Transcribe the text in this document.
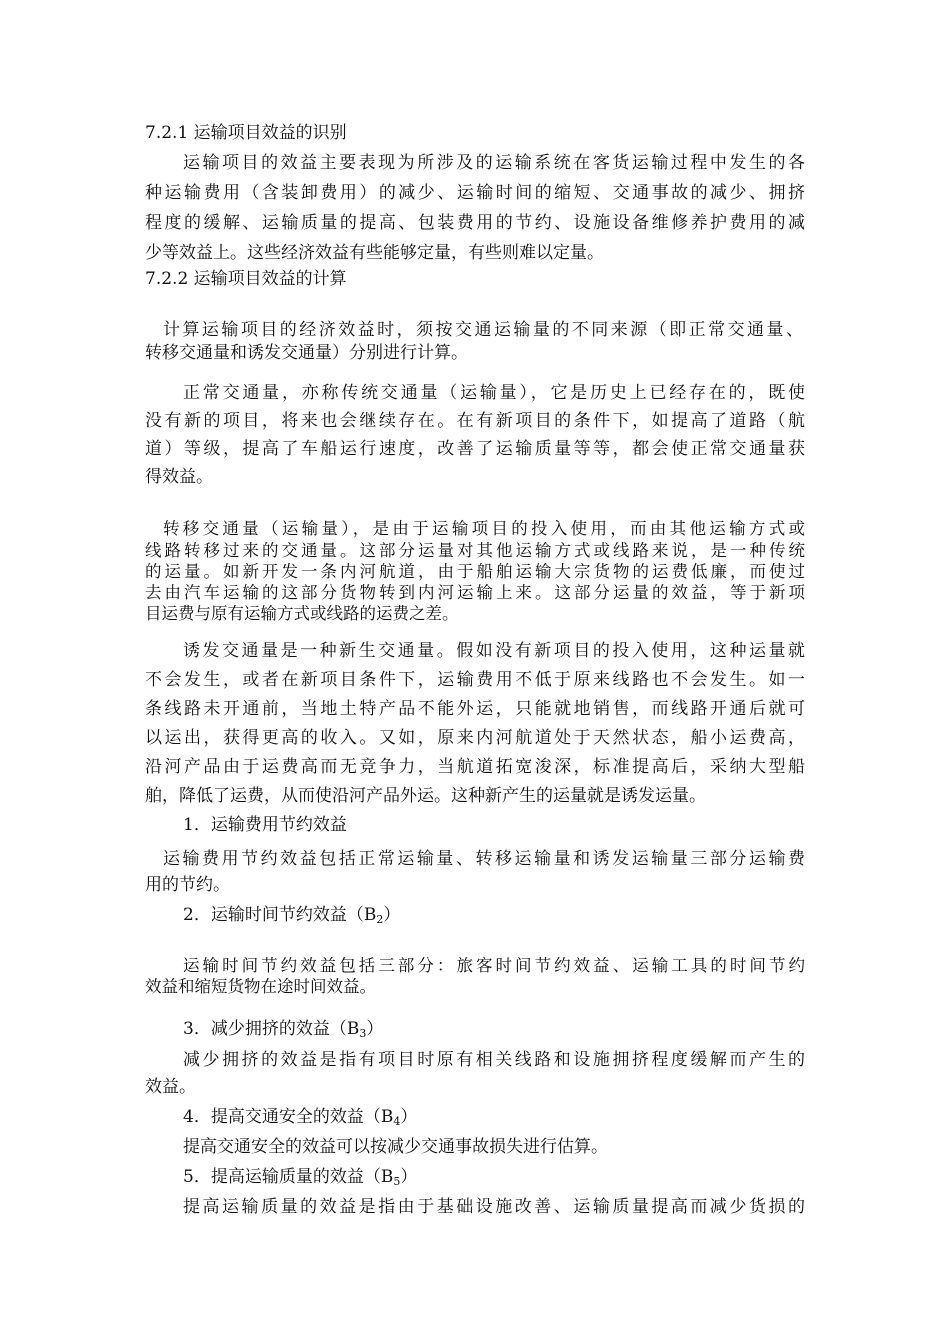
7.2.1 运输项目效益的识别
运输项目的效益主要表现为所涉及的运输系统在客货运输过程中发生的各
种运输费用（含装卸费用）的减少、运输时间的缩短、交通事故的减少、拥挤
程度的缓解、运输质量的提高、包装费用的节约、设施设备维修养护费用的减
少等效益上。这些经济效益有些能够定量，有些则难以定量。
7.2.2 运输项目效益的计算
计算运输项目的经济效益时，须按交通运输量的不同来源（即正常交通量、
转移交通量和诱发交通量）分别进行计算。
正常交通量，亦称传统交通量（运输量），它是历史上已经存在的，既使
没有新的项目，将来也会继续存在。在有新项目的条件下，如提高了道路（航
道）等级，提高了车船运行速度，改善了运输质量等等，都会使正常交通量获
得效益。
转移交通量（运输量），是由于运输项目的投入使用，而由其他运输方式或
线路转移过来的交通量。这部分运量对其他运输方式或线路来说，是一种传统
的运量。如新开发一条内河航道，由于船舶运输大宗货物的运费低廉，而使过
去由汽车运输的这部分货物转到内河运输上来。这部分运量的效益，等于新项
目运费与原有运输方式或线路的运费之差。
诱发交通量是一种新生交通量。假如没有新项目的投入使用，这种运量就
不会发生，或者在新项目条件下，运输费用不低于原来线路也不会发生。如一
条线路未开通前，当地土特产品不能外运，只能就地销售，而线路开通后就可
以运出，获得更高的收入。又如，原来内河航道处于天然状态，船小运费高，
沿河产品由于运费高而无竞争力，当航道拓宽浚深，标准提高后，采纳大型船
舶，降低了运费，从而使沿河产品外运。这种新产生的运量就是诱发运量。
1．运输费用节约效益
运输费用节约效益包括正常运输量、转移运输量和诱发运输量三部分运输费
用的节约。
2．运输时间节约效益$(B_2)$
运输时间节约效益包括三部分：旅客时间节约效益、运输工具的时间节约
效益和缩短货物在途时间效益。
3．减少拥挤的效益$(B_3)$
减少拥挤的效益是指有项目时原有相关线路和设施拥挤程度缓解而产生的
效益。
4．提高交通安全的效益$(B_4)$
提高交通安全的效益可以按减少交通事故损失进行估算。
5．提高运输质量的效益$(B_5)$
提高运输质量的效益是指由于基础设施改善、运输质量提高而减少货损的
